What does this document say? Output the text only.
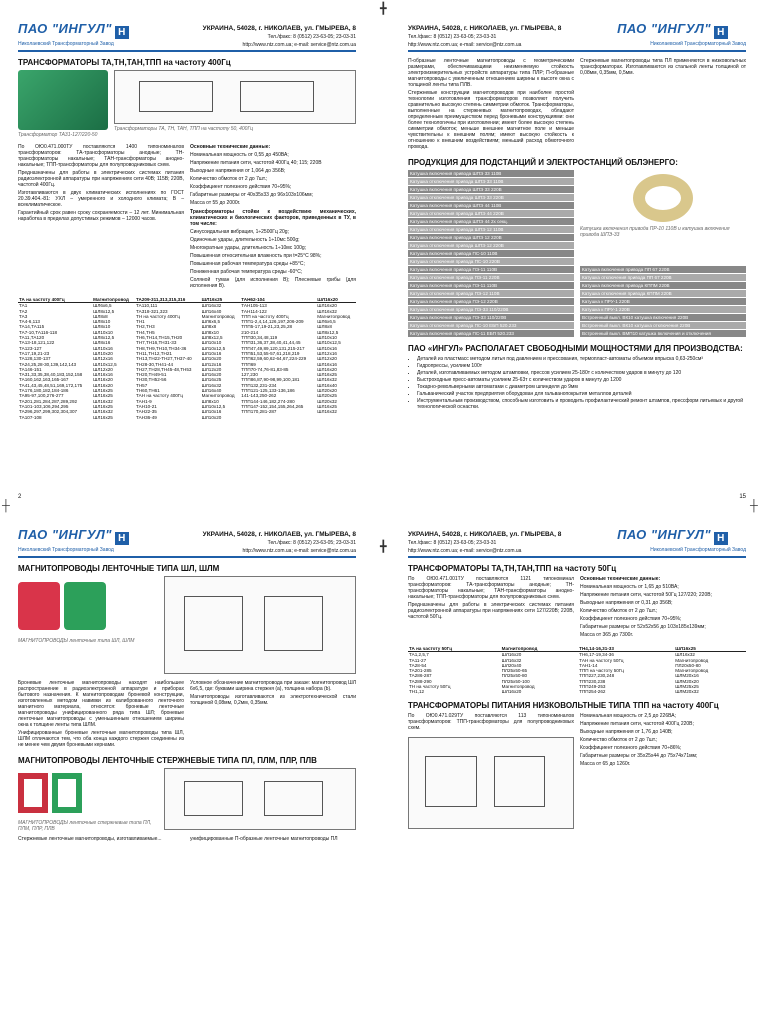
╋
╋
┼	┼
ПАО "ИНГУЛ" H
Николаевский Трансформаторный Завод
УКРАИНА, 54028, г. НИКОЛАЕВ, ул. ГМЫРЕВА, 8
Тел./факс: 8 (0512) 23-63-05; 23-03-31
http://www.ntz.com.ua; e-mail: service@ntz.com.ua
ТРАНСФОРМАТОРЫ ТА,ТН,ТАН,ТПП на частоту 400Гц
Трансформатор ТА31-127/220-50
Трансформаторы ТА, ТН, ТАН, ТПП на частоту 50, 400Гц

По ОЮ0.471.000ТУ поставляются 1400 типономиналов трансформаторов: ТА-трансформаторы анодные; ТН-трансформаторы накальные; ТАН-трансформаторы анодно-накальные; ТПП-трансформаторы для полупроводниковых схем.

Предназначены для работы в электрических системах питания радиоэлектронной аппаратуры при напряжениях сети 40В; 115В; 220В, частотой 400Гц.

Изготавливаются в двух климатических исполнениях по ГОСТ 20.39.404.-81: УХЛ – умеренного и холодного климата; В – всеклиматическое.

Гарантийный срок равен сроку сохраняемости – 12 лет. Минимальная наработка в пределах допустимых режимов – 12000 часов.

Основные технические данные:

Номинальная мощность от 0,55 до 450ВА;

Напряжение питания сети, частотой 400Гц 40; 115; 220В

Выходные напряжения от 1,064 до 356В;

Количество обмоток от 2 до 7шт.;

Коэффициент полезного действия 70÷95%;

Габаритные размеры от 40x35x33 до 96x103x106мм;

Масса от 55 до 2000г.

Трансформаторы стойки к воздействию механических, климатических и биологических факторов, приведенных в ТУ, в том числе:

Синусоидальная вибрация, 1÷2500Гц 20g;

Одиночные удары, длительность 1÷10мс 500g;

Многократные удары, длительность 1÷10мс 100g;

Повышенная относительная влажность при t=25°С 98%;

Повышенная рабочая температура среды +85°С;

Пониженная рабочая температура среды -60°С;

Соляной туман (для исполнения В); Плесневые грибы (для исполнения В).

ТА на частоту 400Гц	Магнитопровод	ТА209-311,313,315,316	ШЛ16х25	ТАН62-104	ШЛ16х20
ТА1	ШЛ6х6,5	ТА110,111	ШЛ16х32	ТАН105-113	ШЛ16х20
ТА2	ШЛ8х12,5	ТА318-321,323	ШЛ16х40	ТАН114-122	ШЛ16х32
ТА3	ШЛ8х8	ТН на частоту 400Гц	Магнитопровод	ТПП на частоту 400Гц	Магнитопровод
ТА4-6,113	ШЛ8х10	ТН1	ШЛ6х6,5	ТПП1-2,4,14,126,197,206-209	ШЛ6х6,5
ТА14,ТА115	ШЛ8х10	ТН2,ТН3	ШЛ8х8	ТПП5-17,19-21,23,25,28	ШЛ8х8
ТА7-10,ТА116-118	ШЛ10х10	ТН4,ТН5	ШЛ8х10	210-214	ШЛ8х12,5
ТА11,ТА120	ШЛ8х12,5	ТН6,ТН14,ТН15,ТН20	ШЛ8х12,5	ТПП30,34,48,119	ШЛ10х10
ТА13-18,121,122	ШЛ8х16	ТН7,ТН16,ТН31-33	ШЛ10х10	ТПП31,36,37,38,40,41,44,45	ШЛ10х12,5
ТА123-127	ШЛ10х16	ТН8,ТН9,ТН10,ТН34-36	ШЛ10х12,5	ТПП47,49,89,120,131,215-217	ШЛ10х16
ТА17,19,21-23	ШЛ10х20	ТН11,ТН12,ТН21	ШЛ10х16	ТПП51,53,55-57,61,218,219	ШЛ12х16
ТА128,130-137	ШЛ12х16	ТН13,ТН22-ТН27,ТН37-40	ШЛ10х20	ТПП62,59,60,62-64,67,224-229	ШЛ12х20
ТА24,25,28-30,139,142,143	ШЛ10х12,5	ТН28-30,ТН41-44	ШЛ12х16	ТПП69	ШЛ16х16
ТА146-151	ШЛ12х20	ТН27,ТН28,ТН45-48,ТН53	ШЛ12х20	ТПП70-74,76-81,83-85	ШЛ16х20
ТА31,33,35,38,40,183,152,158	ШЛ16х16	ТН20,ТН49-51	ШЛ16х20	127,230	ШЛ16х25
ТА160,162,163,165-167	ШЛ16х20	ТН30,ТН52-56	ШЛ16х25	ТПП86,87,90-98,99,100,181	ШЛ16х32
ТА41,43,45,48,51,169,172,175	ШЛ16х20	ТН57	ШЛ16х32	ТПП132,231-234	ШЛ16х40
ТА176,180,182,184-186	ШЛ16х25	ТН60,ТН61	ШЛ16х40	ТПП121-125,133-136,186	ШЛ20х20
ТА95-97,100,276-277	ШЛ16х25	ТАН на частоту 400Гц	Магнитопровод	141-143,250-262	ШЛ20х25
ТА201,281,284,287,289,292	ШЛ16х32	ТАН1-9	ШЛ8х10	ТПП144-146,182,274-280	ШЛ20х32
ТА101-103,106,294,295	ШЛ16х25	ТАН10-21	ШЛ10х12,5	ТПП147-152,154,155,264,265	ШЛ16х25
ТА296,297,299,302,304,307	ШЛ16х32	ТАН22-35	ШЛ10х16	ТПП170,281-287	ШЛ16х32
ТА107-108	ШЛ16х25	ТАН36-49	ШЛ10х20		
2
УКРАИНА, 54028, г. НИКОЛАЕВ, ул. ГМЫРЕВА, 8
Тел./факс: 8 (0512) 23-63-05; 23-03-31
http://www.ntz.com.ua; e-mail: service@ntz.com.ua
ПАО "ИНГУЛ" H
Николаевский Трансформаторный Завод

П-образные ленточные магнитопроводы с геометрическими размерами, обеспечивающими неизменяемую стойкость электроизмерительных устройств аппаратуры типа ПЛР; П-образные магнитопроводы с увеличенным отношением ширины к высоте окна с толщиной ленты типа ПЛВ.

Стержневые конструкции магнитопроводов при наиболее простой технологии изготовления трансформаторов позволяют получить сравнительно высокую степень симметрии обмоток. Трансформаторы, выполненные на стержневых магнитопроводах, обладают определенным преимуществом перед броневыми конструкциями: они более технологичны при изготовлении; имеют более высокую степень симметрии обмоток; меньше внешнее магнитное поле и меньше чувствительны к внешним полям; имеют высокую стойкость к отношению к внешним воздействиям; меньший расход обмоточного провода.

Стержневые магнитопроводы типа ПЛ применяются в низковольтных трансформаторах. Изготавливаются из стальной ленты толщиной от 0,08мм, 0,35мм, 0,5мм.

ПРОДУКЦИЯ ДЛЯ ПОДСТАНЦИЙ И ЭЛЕКТРОСТАНЦИЙ ОБЛЭНЕРГО:
Катушка включения привода ШПЭ 33 110В
Катушка отключения привода ШПЭ 33 110В
Катушка включения привода ШПЭ 33 220В
Катушка отключения привода ШПЭ 33 220В
Катушка включения привода ШПЭ 44 110В
Катушка отключения привода ШПЭ 44 220В
Катушка включения привода ШПЭ 44 2х секц.
Катушка отключения привода ШПЭ 12 110В
Катушка включения привода ШПЭ 12 220В
Катушка отключения привода ШПЭ 12 220В
Катушка включения привода ПС-10 110В
Катушка отключения привода ПС-10 220В
Катушка включения привода ПЭ-11 110В
Катушка отключения привода ПЭ-11 220В
Катушка включения привода ПЭ-11 110В
Катушка отключения привода ПЭ-12 110В
Катушка включения привода ПЭ-12 220В
Катушка отключения привода ПЭ-33 110/220В
Катушка включения привода ПЭ-33 110/220В
Катушка отключения привода ПС-10 ЕБП 520.233
Катушка включения привода ПС-11 ЕБП 520.233
Катушка включения привода ПР-10 110В и катушка включения привода ШПЭ-33
Катушка включения привода ПП 67 220В
Катушка отключения привода ПП 67 220В
Катушка включения привода КППМ 220В
Катушка отключения привода КППМ 220В
Катушка к ПРУ-1 220В
Катушка к ПРУ-1 220В
Встроенный выкл. ВК10 катушка включения 220В
Встроенный выкл. ВК10 катушка отключения 220В
Встроенный выкл. ВМП10 катушка включения и отключения
ПАО «ИНГУЛ» РАСПОЛАГАЕТ СВОБОДНЫМИ МОЩНОСТЯМИ ДЛЯ ПРОИЗВОДСТВА:
• Деталей из пластмасс методом литья под давлением и прессования, термопласт-автоматы объемом впрыска 0,63-250см³
• Гидропрессы, усилием 100т
• Деталей, изготавливаемых методом штамповки, прессов усилием 25-180т с количеством ударов в минуту до 120
• Быстроходные пресс-автоматы усилием 25-63т с количеством ударов в минуту до 1200
• Токарно-револьверными автоматами с диаметром шпинделя до 9мм
• Гальванический участок предприятия оборудован для гальванопокрытия металлов деталей
• Инструментальным производством, способным изготовить и проводить профилактический ремонт штампов, прессформ литьевых и другой технологической оснастки.
15
ПАО "ИНГУЛ" H
Николаевский Трансформаторный Завод
УКРАИНА, 54028, г. НИКОЛАЕВ, ул. ГМЫРЕВА, 8
Тел./факс: 8 (0512) 23-63-05; 23-03-31
http://www.ntz.com.ua; e-mail: service@ntz.com.ua
МАГНИТОПРОВОДЫ ЛЕНТОЧНЫЕ ТИПА ШЛ, ШЛМ
МАГНИТОПРОВОДЫ ленточные типа ШЛ, ШЛМ

Броневые ленточные магнитопроводы находят наибольшее распространение в радиоэлектронной аппаратуре и приборах бытового назначения. К магнитопроводам броневой конструкции, изготовленных методом навивки из калиброванного ленточного магнитного материала, относятся: броневые ленточные магнитопроводы унифицированного ряда типа ШЛ; броневые ленточные магнитопроводы с уменьшенным отношением ширины окна к толщине ленты типа ШЛМ.

Унифицированные броневые ленточные магнитопроводы типа ШЛ, ШЛМ отличаются тем, что оба конца каждого стержня соединены из не менее чем двумя броневыми кернами.

Условное обозначение магнитопровода при заказе: магнитопровод ШЛ 6х6,5, где: буквами ширина стержня (а), толщина набора (b).

Магнитопроводы изготавливаются из электротехнической стали толщиной 0,08мм, 0,2мм, 0,35мм.

МАГНИТОПРОВОДЫ ЛЕНТОЧНЫЕ СТЕРЖНЕВЫЕ ТИПА ПЛ, ПЛМ, ПЛР, ПЛВ
МАГНИТОПРОВОДЫ ленточные стержневые типа ПЛ, ПЛМ, ПЛР, ПЛВ

Стержневые ленточные магнитопроводы, изготавливаемые...	унифицированные П-образные ленточные магнитопроводы ПЛ

УКРАИНА, 54028, г. НИКОЛАЕВ, ул. ГМЫРЕВА, 8
Тел./факс: 8 (0512) 23-63-05; 23-03-31
http://www.ntz.com.ua; e-mail: service@ntz.com.ua
ПАО "ИНГУЛ" H
Николаевский Трансформаторный Завод
ТРАНСФОРМАТОРЫ ТА,ТН,ТАН,ТПП на частоту 50Гц

По ОЮ0.471.001ТУ поставляются 1121 типономинал трансформаторов: ТА-трансформаторы анодные; ТН-трансформаторы накальные; ТАН-трансформаторы анодно-накальные; ТПП-трансформаторы для полупроводниковых схем.

Предназначены для работы в электрических системах питания радиоэлектронной аппаратуры при напряжениях сети 127/220В; 220В, частотой 50Гц.

Основные технические данные:

Номинальная мощность от 1,65 до 510ВА;

Напряжение питания сети, частотой 50Гц 127/220; 220В;

Выходные напряжения от 0,31 до 356В;

Количество обмоток от 2 до 7шт.;

Коэффициент полезного действия 70÷95%;

Габаритные размеры от 52x52x56 до 103x185x139мм;

Масса от 365 до 7300г.

ТА на частоту 50Гц	Магнитопровод	ТН4,14-16,31-33	ШЛ16х25
ТА1,2,5,7	ШЛ16х20	ТН6,17-19,34-36	ШЛ16х32
ТА11-27	ШЛ16х32	ТАН на частоту 50Гц	Магнитопровод
ТА28-54	ШЛ20х40	ТАН1-14	ПЛ20х50-80
ТА201-285	ПЛ25x50-65	ТПП на частоту 50Гц	Магнитопровод
ТА286-287	ПЛ25x50-80	ТПП227,230,248	ШЛМ20х16
ТА288-290	ПЛ25x50-100	ТПП230,238	ШЛМ20х20
ТН на частоту 50Гц	Магнитопровод	ТПП249-253	ШЛМ25х25
ТН1,12	ШЛ16х20	ТПП254-262	ШЛМ20х32
ТРАНСФОРМАТОРЫ ПИТАНИЯ НИЗКОВОЛЬТНЫЕ ТИПА ТПП на частоту 400Гц

По ОЮ0.471.029ТУ поставляются 113 типономиналов трансформаторов: ТПП-трансформаторы для полупроводниковых схем.

Номинальная мощность от 2,5 до 226ВА;

Напряжение питания сети, частотой 400Гц 220В;

Выходные напряжения от 1,76 до 140В;

Количество обмоток от 2 до 7шт.;

Коэффициент полезного действия 70÷86%;

Габаритные размеры от 35x25x44 до 75x74x71мм;

Масса от 65 до 1260г.
